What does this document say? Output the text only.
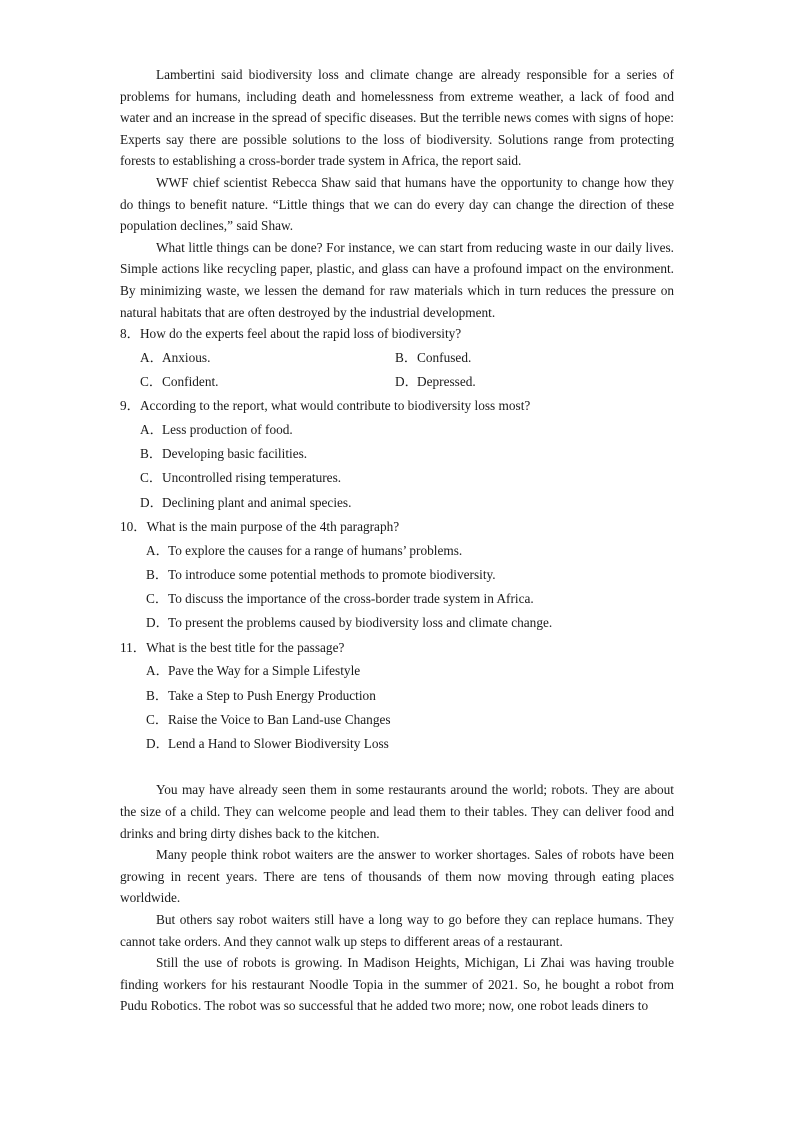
Lambertini said biodiversity loss and climate change are already responsible for a series of problems for humans, including death and homelessness from extreme weather, a lack of food and water and an increase in the spread of specific diseases. But the terrible news comes with signs of hope: Experts say there are possible solutions to the loss of biodiversity. Solutions range from protecting forests to establishing a cross-border trade system in Africa, the report said.

WWF chief scientist Rebecca Shaw said that humans have the opportunity to change how they do things to benefit nature. “Little things that we can do every day can change the direction of these population declines,” said Shaw.

What little things can be done? For instance, we can start from reducing waste in our daily lives. Simple actions like recycling paper, plastic, and glass can have a profound impact on the environment. By minimizing waste, we lessen the demand for raw materials which in turn reduces the pressure on natural habitats that are often destroyed by the industrial development.

8．How do the experts feel about the rapid loss of biodiversity?

A． Anxious.	B． Confused.
C． Confident.	D． Depressed.

9．According to the report, what would contribute to biodiversity loss most?

A． Less production of food.
B． Developing basic facilities.
C． Uncontrolled rising temperatures.
D． Declining plant and animal species.

10．What is the main purpose of the 4th paragraph?

A． To explore the causes for a range of humans’ problems.
B． To introduce some potential methods to promote biodiversity.
C． To discuss the importance of the cross-border trade system in Africa.
D． To present the problems caused by biodiversity loss and climate change.

11．What is the best title for the passage?

A． Pave the Way for a Simple Lifestyle
B． Take a Step to Push Energy Production
C． Raise the Voice to Ban Land-use Changes
D． Lend a Hand to Slower Biodiversity Loss

You may have already seen them in some restaurants around the world; robots. They are about the size of a child. They can welcome people and lead them to their tables. They can deliver food and drinks and bring dirty dishes back to the kitchen.

Many people think robot waiters are the answer to worker shortages. Sales of robots have been growing in recent years. There are tens of thousands of them now moving through eating places worldwide.

But others say robot waiters still have a long way to go before they can replace humans. They cannot take orders. And they cannot walk up steps to different areas of a restaurant.

Still the use of robots is growing. In Madison Heights, Michigan, Li Zhai was having trouble finding workers for his restaurant Noodle Topia in the summer of 2021. So, he bought a robot from Pudu Robotics. The robot was so successful that he added two more; now, one robot leads diners to
